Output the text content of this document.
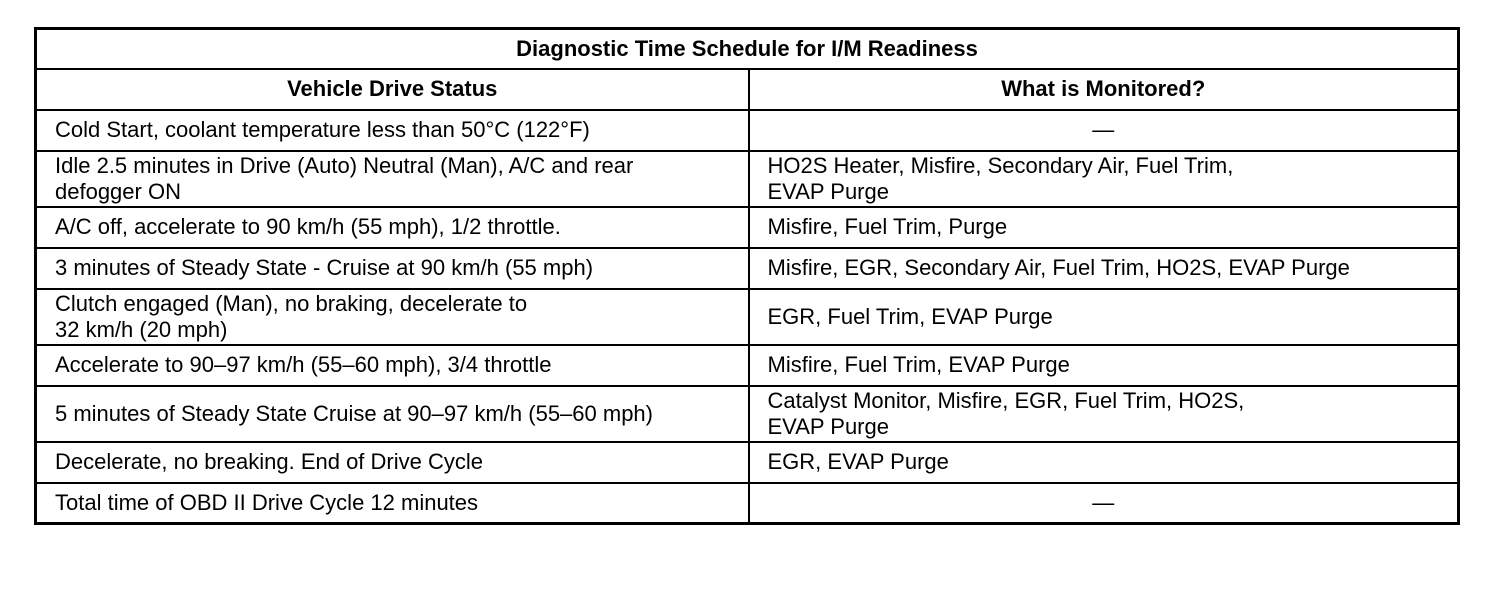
Diagnostic Time Schedule for I/M Readiness	
Vehicle Drive Status	What is Monitored?
Cold Start, coolant temperature less than 50°C (122°F)	—
Idle 2.5 minutes in Drive (Auto) Neutral (Man), A/C and rear
defogger ON	HO2S Heater, Misfire, Secondary Air, Fuel Trim,
EVAP Purge
A/C off, accelerate to 90 km/h (55 mph), 1/2 throttle.	Misfire, Fuel Trim, Purge
3 minutes of Steady State - Cruise at 90 km/h (55 mph)	Misfire, EGR, Secondary Air, Fuel Trim, HO2S, EVAP Purge
Clutch engaged (Man), no braking, decelerate to
32 km/h (20 mph)	EGR, Fuel Trim, EVAP Purge
Accelerate to 90–97 km/h (55–60 mph), 3/4 throttle	Misfire, Fuel Trim, EVAP Purge
5 minutes of Steady State Cruise at 90–97 km/h (55–60 mph)	Catalyst Monitor, Misfire, EGR, Fuel Trim, HO2S,
EVAP Purge
Decelerate, no breaking. End of Drive Cycle	EGR, EVAP Purge
Total time of OBD II Drive Cycle 12 minutes	—
